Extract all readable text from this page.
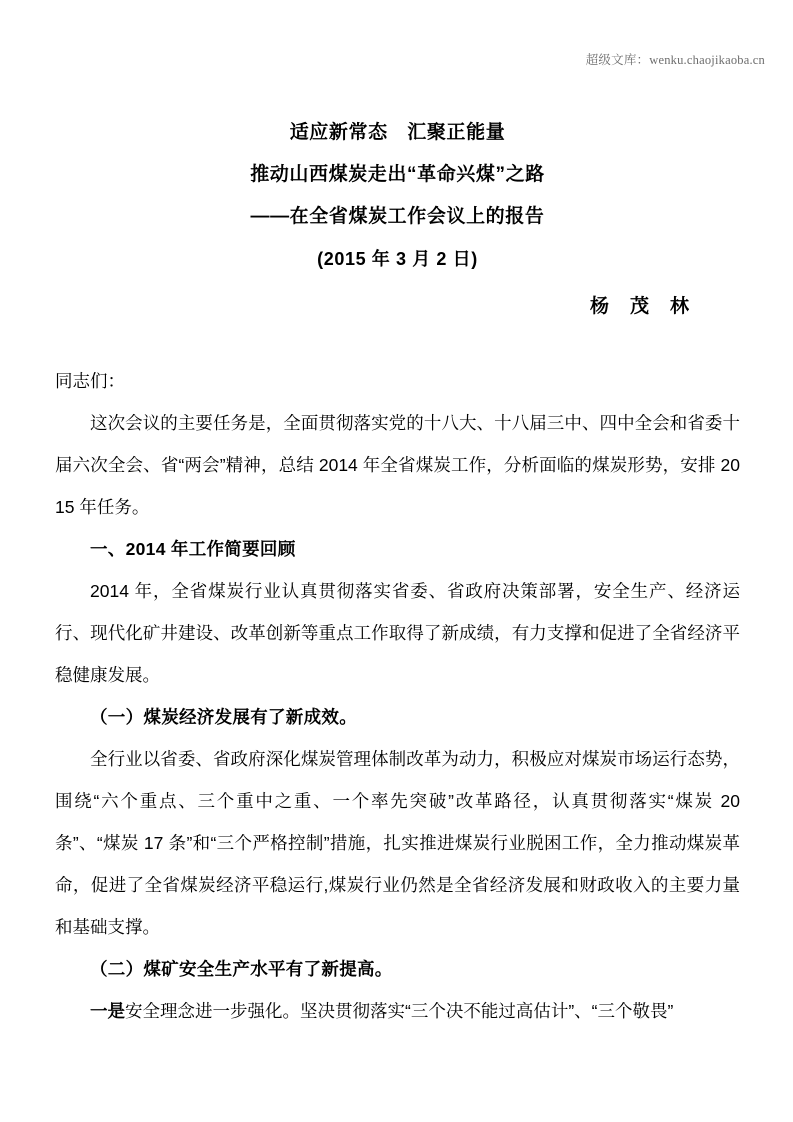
超级文库：wenku.chaojikaoba.cn
适应新常态　汇聚正能量
推动山西煤炭走出“革命兴煤”之路
——在全省煤炭工作会议上的报告
(2015 年 3 月 2 日)
杨　茂　林

同志们：

这次会议的主要任务是，全面贯彻落实党的十八大、十八届三中、四中全会和省委十届六次全会、省“两会”精神，总结 2014 年全省煤炭工作，分析面临的煤炭形势，安排 2015 年任务。

一、2014 年工作简要回顾

2014 年，全省煤炭行业认真贯彻落实省委、省政府决策部署，安全生产、经济运行、现代化矿井建设、改革创新等重点工作取得了新成绩，有力支撑和促进了全省经济平稳健康发展。

（一）煤炭经济发展有了新成效。

全行业以省委、省政府深化煤炭管理体制改革为动力，积极应对煤炭市场运行态势，围绕“六个重点、三个重中之重、一个率先突破”改革路径，认真贯彻落实“煤炭 20 条”、“煤炭 17 条”和“三个严格控制”措施，扎实推进煤炭行业脱困工作，全力推动煤炭革命，促进了全省煤炭经济平稳运行,煤炭行业仍然是全省经济发展和财政收入的主要力量和基础支撑。

（二）煤矿安全生产水平有了新提高。

一是安全理念进一步强化。坚决贯彻落实“三个决不能过高估计”、“三个敬畏”
